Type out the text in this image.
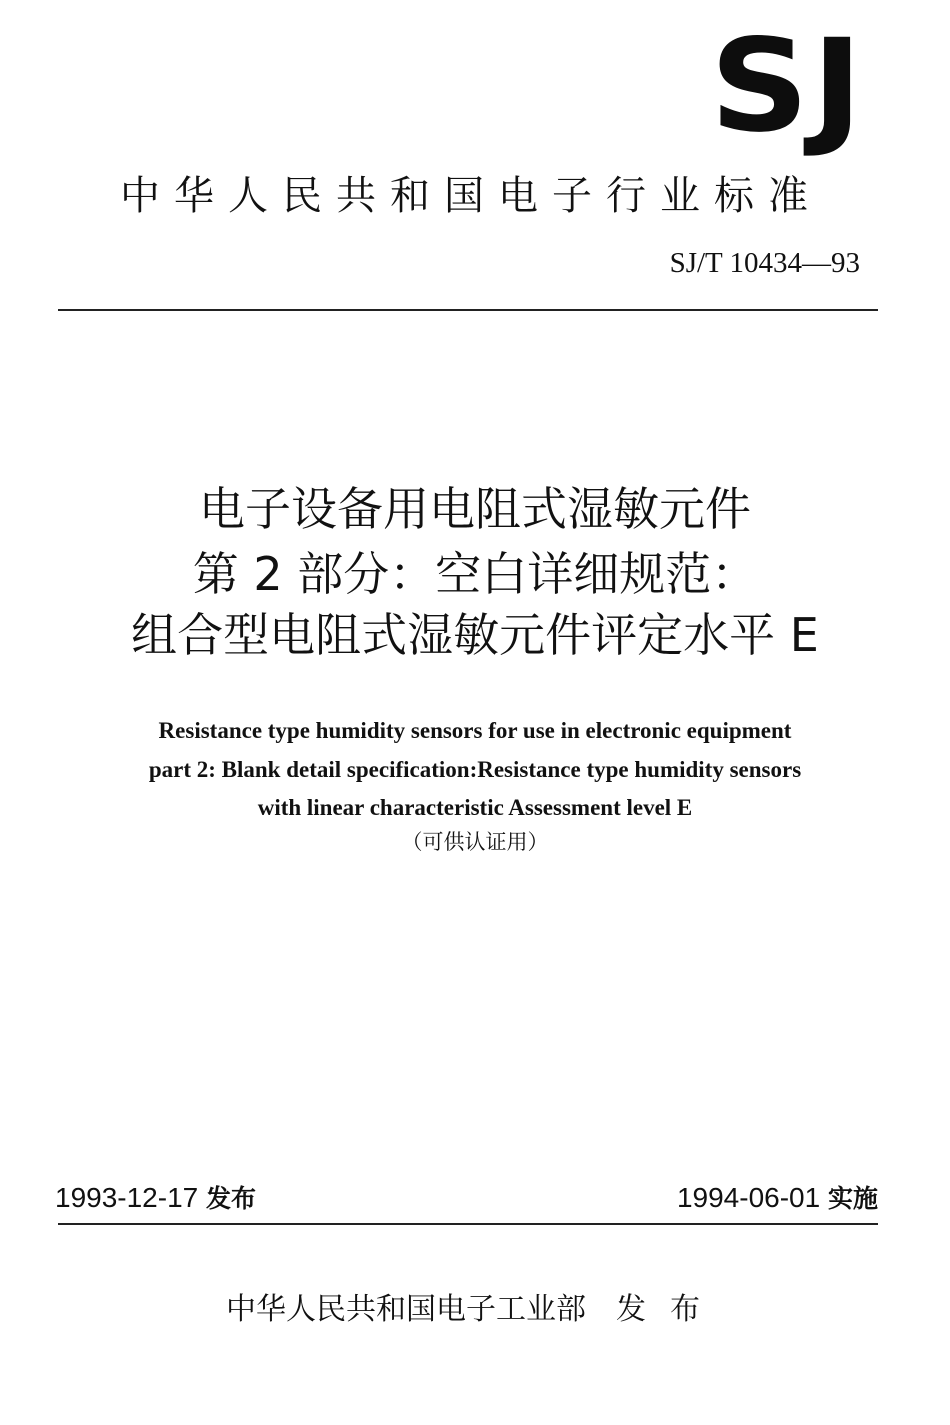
SJ
中华人民共和国电子行业标准
SJ/T 10434—93
电子设备用电阻式湿敏元件
第 2 部分：空白详细规范：
组合型电阻式湿敏元件评定水平 E
Resistance type humidity sensors for use in electronic equipment
part 2: Blank detail specification:Resistance type humidity sensors
with linear characteristic Assessment level E
（可供认证用）
1993-12-17 发布	1994-06-01 实施
中华人民共和国电子工业部 发布
